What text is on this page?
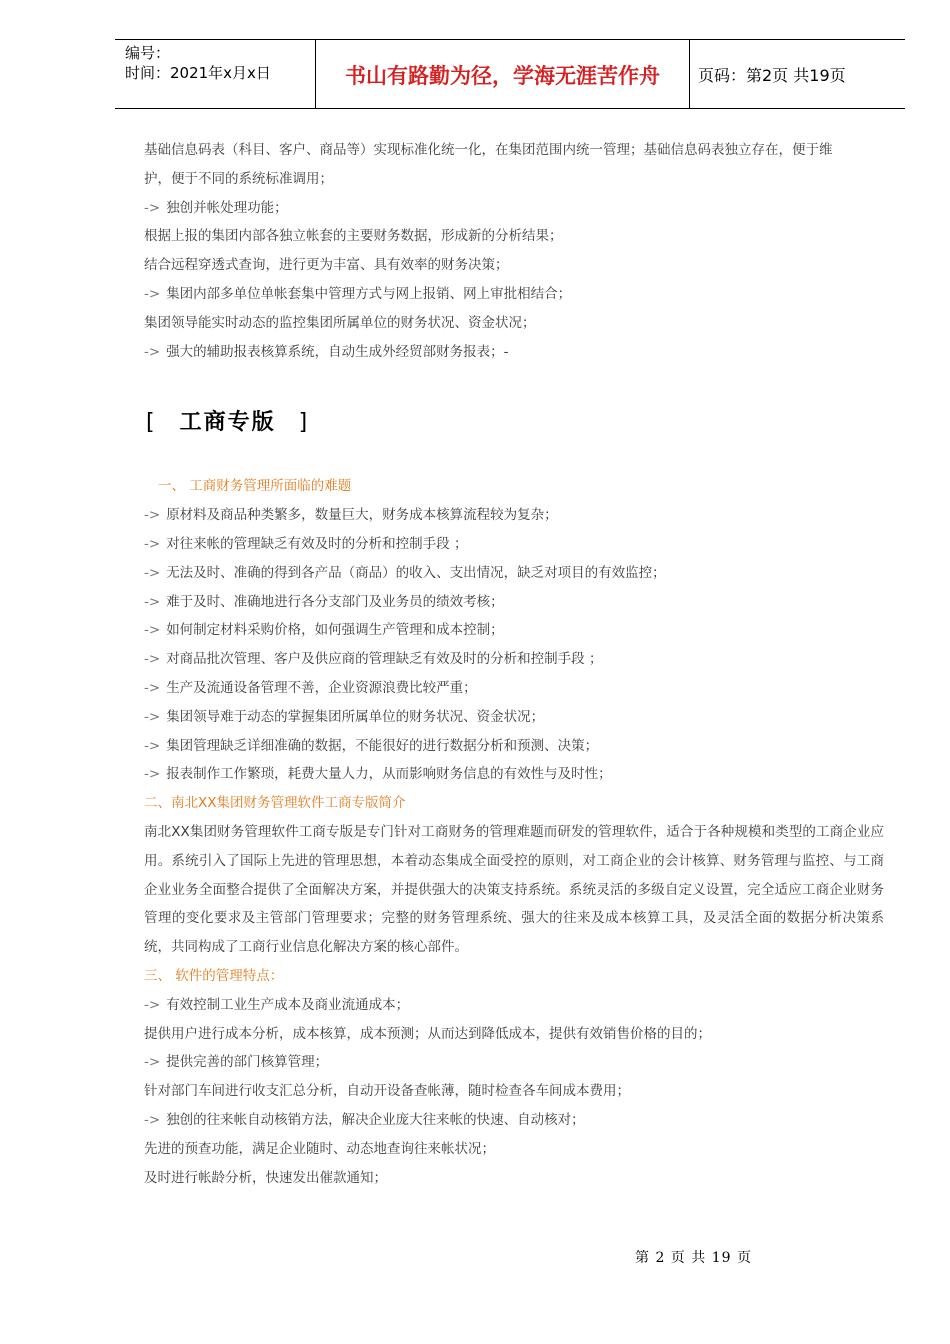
编号：
时间：2021年x月x日	书山有路勤为径，学海无涯苦作舟	页码：第2页 共19页
基础信息码表（科目、客户、商品等）实现标准化统一化，在集团范围内统一管理；基础信息码表独立存在，便于维
护，便于不同的系统标准调用；
-> 独创并帐处理功能；
根据上报的集团内部各独立帐套的主要财务数据，形成新的分析结果；
结合远程穿透式查询，进行更为丰富、具有效率的财务决策；
-> 集团内部多单位单帐套集中管理方式与网上报销、网上审批相结合；
集团领导能实时动态的监控集团所属单位的财务状况、资金状况；
-> 强大的辅助报表核算系统，自动生成外经贸部财务报表；-
[ 工商专版 ]
一、 工商财务管理所面临的难题
-> 原材料及商品种类繁多，数量巨大，财务成本核算流程较为复杂；
-> 对往来帐的管理缺乏有效及时的分析和控制手段 ；
-> 无法及时、准确的得到各产品（商品）的收入、支出情况，缺乏对项目的有效监控；
-> 难于及时、准确地进行各分支部门及业务员的绩效考核；
-> 如何制定材料采购价格，如何强调生产管理和成本控制；
-> 对商品批次管理、客户及供应商的管理缺乏有效及时的分析和控制手段 ；
-> 生产及流通设备管理不善，企业资源浪费比较严重；
-> 集团领导难于动态的掌握集团所属单位的财务状况、资金状况；
-> 集团管理缺乏详细准确的数据，不能很好的进行数据分析和预测、决策；
-> 报表制作工作繁琐，耗费大量人力，从而影响财务信息的有效性与及时性；
二、南北XX集团财务管理软件工商专版简介
南北XX集团财务管理软件工商专版是专门针对工商财务的管理难题而研发的管理软件，适合于各种规模和类型的工商企业应用。系统引入了国际上先进的管理思想，本着动态集成全面受控的原则，对工商企业的会计核算、财务管理与监控、与工商企业业务全面整合提供了全面解决方案，并提供强大的决策支持系统。系统灵活的多级自定义设置，完全适应工商企业财务管理的变化要求及主管部门管理要求；完整的财务管理系统、强大的往来及成本核算工具，及灵活全面的数据分析决策系统，共同构成了工商行业信息化解决方案的核心部件。
三、 软件的管理特点：
-> 有效控制工业生产成本及商业流通成本；
提供用户进行成本分析，成本核算，成本预测；从而达到降低成本，提供有效销售价格的目的；
-> 提供完善的部门核算管理；
针对部门车间进行收支汇总分析，自动开设备查帐薄，随时检查各车间成本费用；
-> 独创的往来帐自动核销方法，解决企业庞大往来帐的快速、自动核对；
先进的预查功能，满足企业随时、动态地查询往来帐状况；
及时进行帐龄分析，快速发出催款通知；
第 2 页 共 19 页
